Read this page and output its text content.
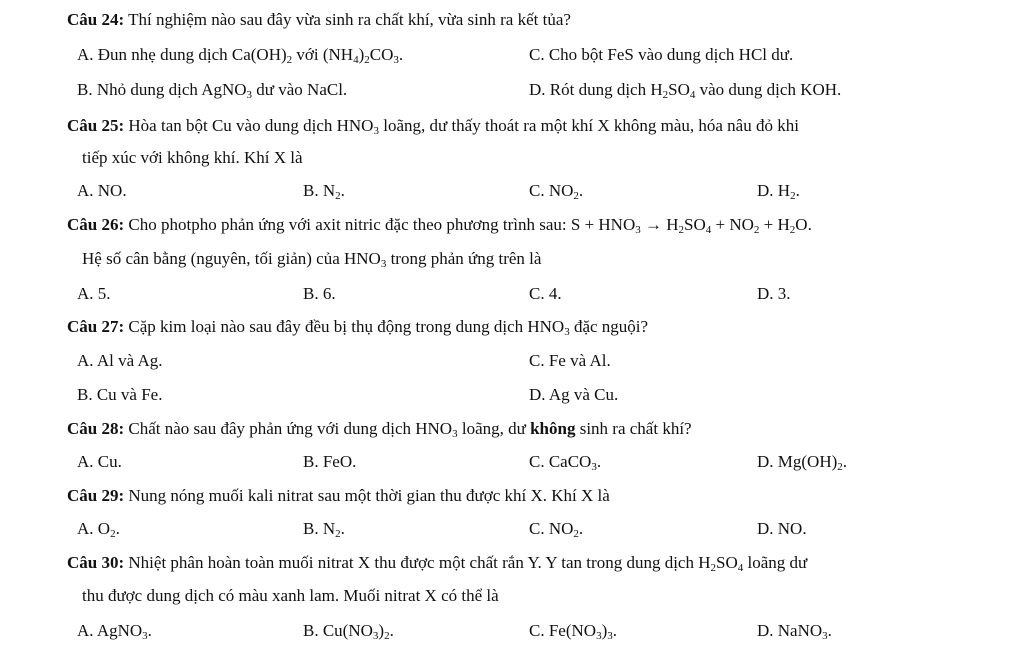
Câu 24: Thí nghiệm nào sau đây vừa sinh ra chất khí, vừa sinh ra kết tủa?
A. Đun nhẹ dung dịch $Ca(OH)_2$ với $(NH_4)_2CO_3$.	C. Cho bột FeS vào dung dịch HCl dư.
B. Nhỏ dung dịch AgNO$_3$ dư vào NaCl.	D. Rót dung dịch $H_2SO_4$ vào dung dịch KOH.
Câu 25: Hòa tan bột Cu vào dung dịch $HNO_3$ loãng, dư thấy thoát ra một khí X không màu, hóa nâu đỏ khi
tiếp xúc với không khí. Khí X là
A. NO.	B. $N_2$.	C. $NO_2$.	D. $H_2$.
Câu 26: Cho photpho phản ứng với axit nitric đặc theo phương trình sau: $S + HNO_3 \to H_2SO_4 + NO_2 + H_2O$.
Hệ số cân bằng (nguyên, tối giản) của $HNO_3$ trong phản ứng trên là
A. 5.	B. 6.	C. 4.	D. 3.
Câu 27: Cặp kim loại nào sau đây đều bị thụ động trong dung dịch $HNO_3$ đặc nguội?
A. Al và Ag.	C. Fe và Al.
B. Cu và Fe.	D. Ag và Cu.
Câu 28: Chất nào sau đây phản ứng với dung dịch $HNO_3$ loãng, dư không sinh ra chất khí?
A. Cu.	B. FeO.	C. CaCO$_3$.	D. $Mg(OH)_2$.
Câu 29: Nung nóng muối kali nitrat sau một thời gian thu được khí X. Khí X là
A. $O_2$.	B. $N_2$.	C. $NO_2$.	D. NO.
Câu 30: Nhiệt phân hoàn toàn muối nitrat X thu được một chất rắn Y. Y tan trong dung dịch $H_2SO_4$ loãng dư
thu được dung dịch có màu xanh lam. Muối nitrat X có thể là
A. AgNO$_3$.	B. $Cu(NO_3)_2$.	C. $Fe(NO_3)_3$.	D. NaNO$_3$.
